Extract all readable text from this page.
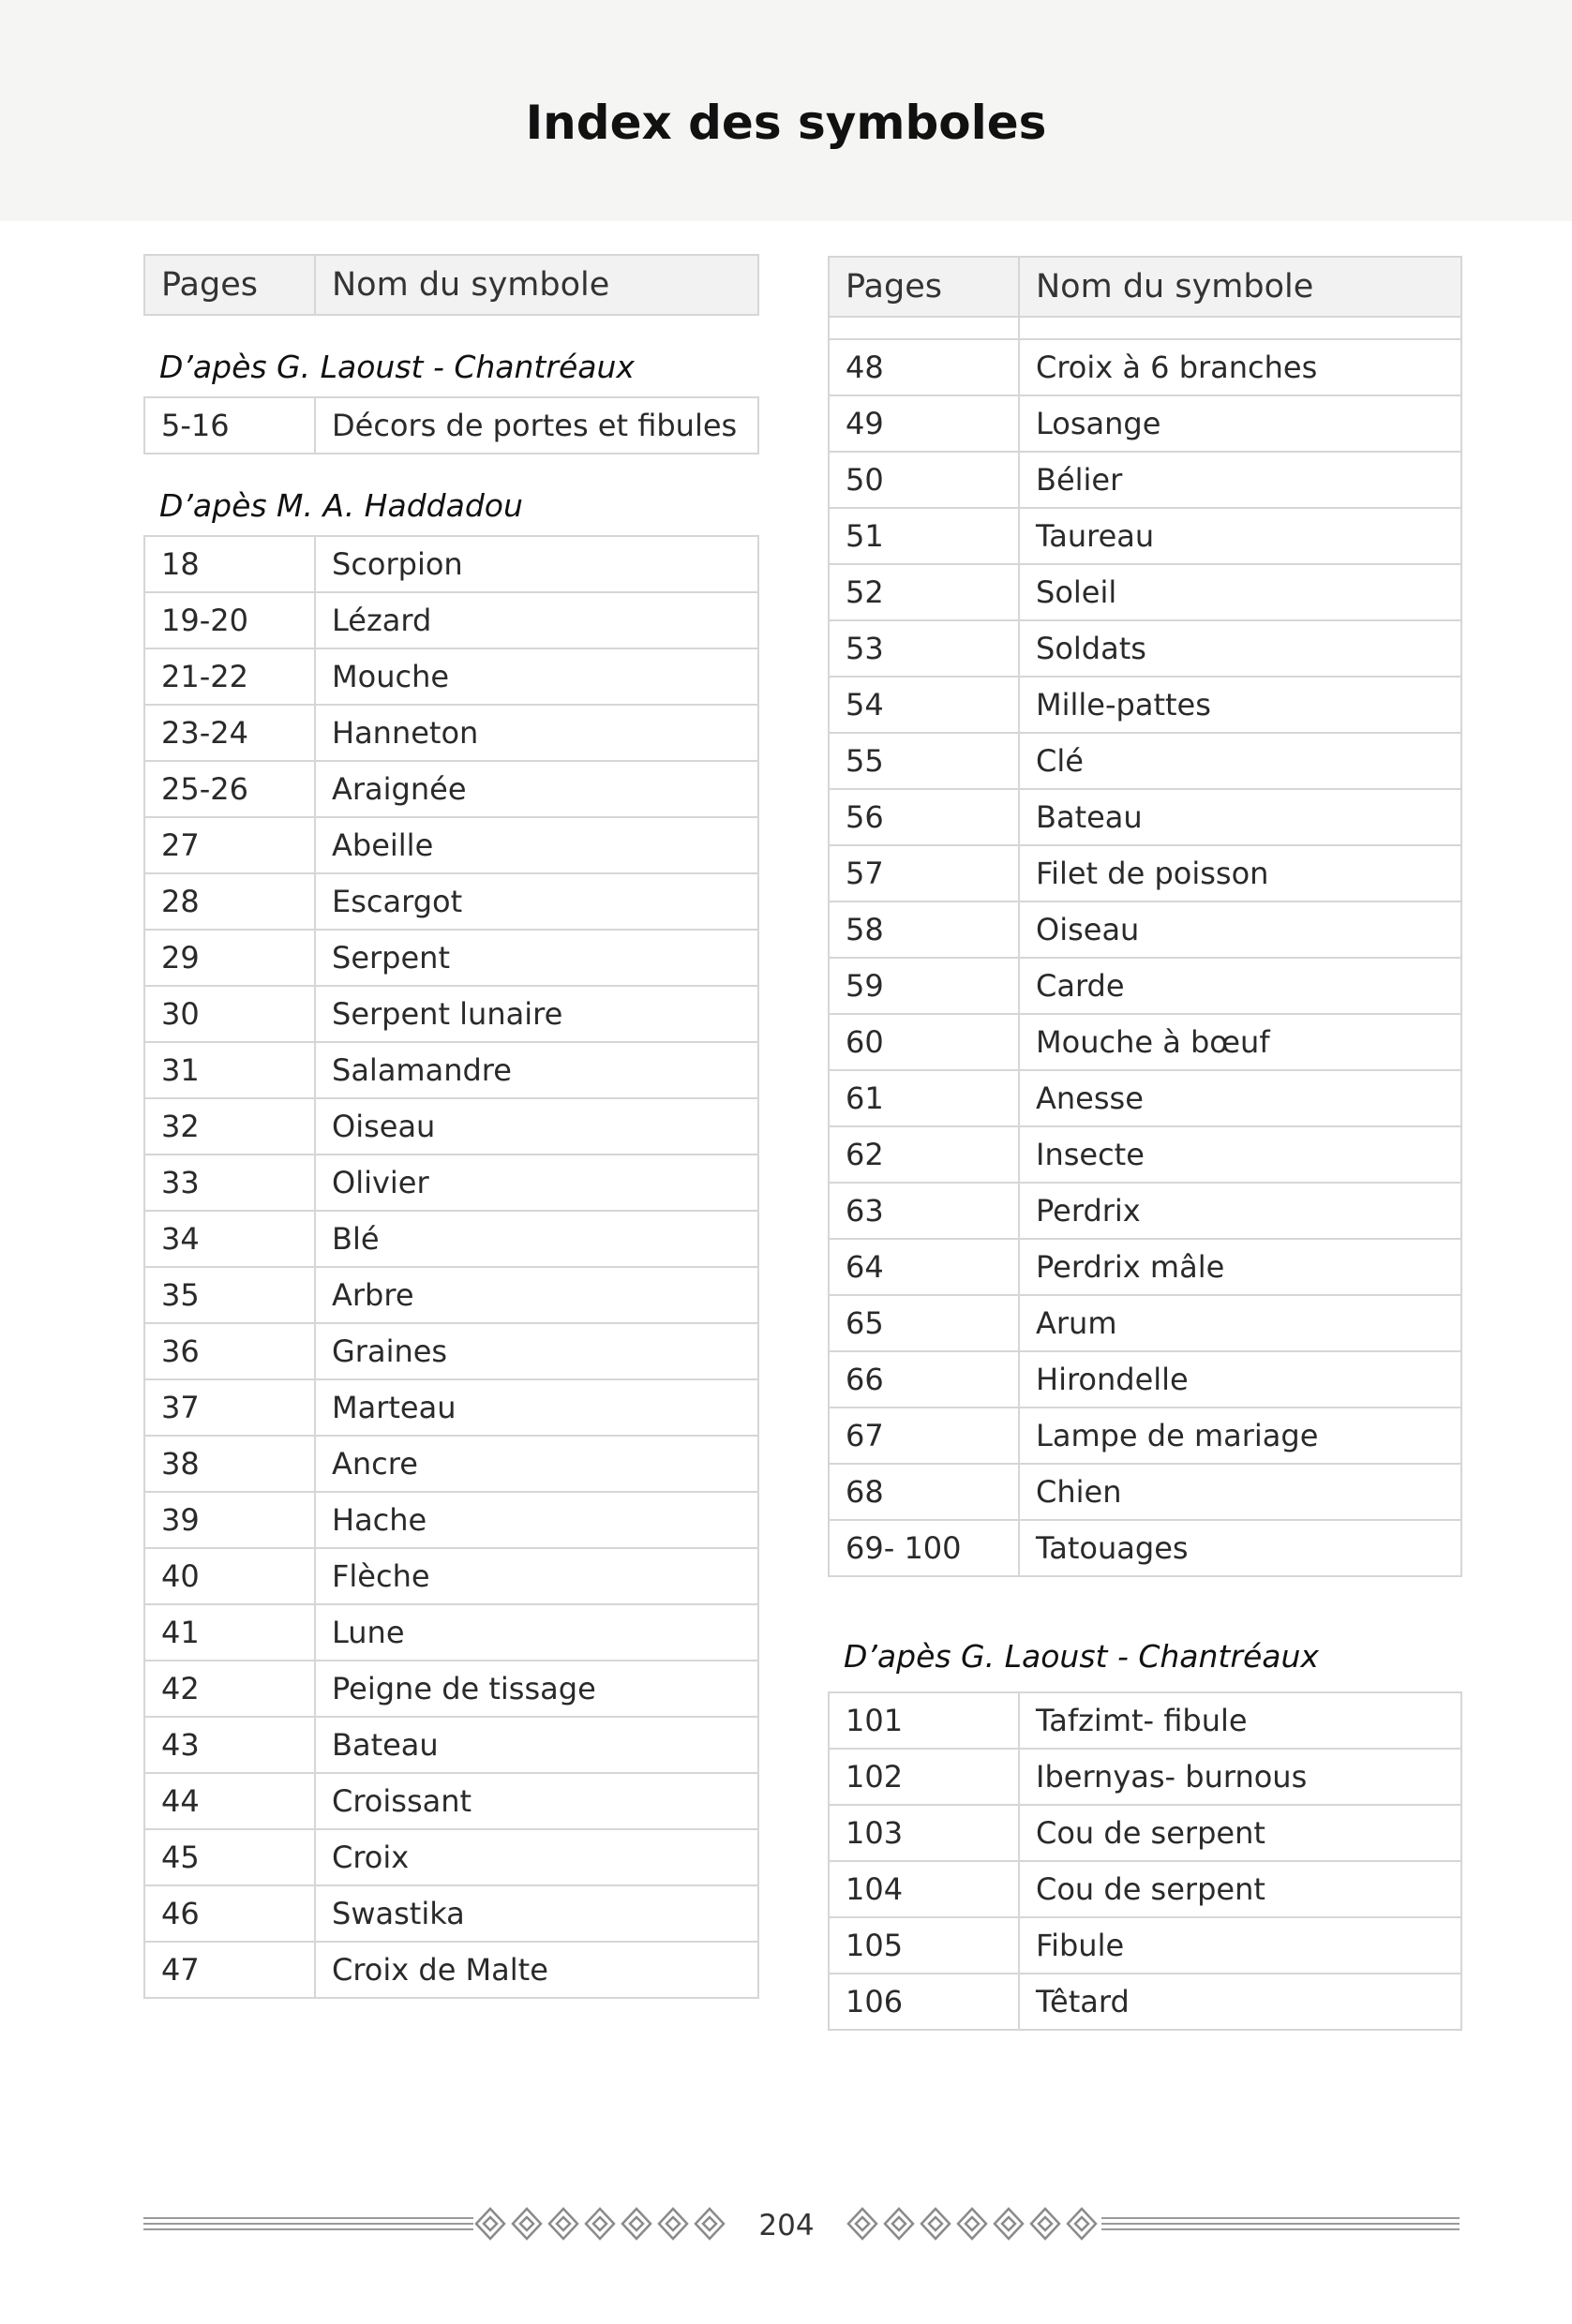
Index des symboles
Pages	Nom du symbole
D’apès G. Laoust - Chantréaux
5-16	Décors de portes et fibules
D’apès M. A. Haddadou
18	Scorpion
19-20	Lézard
21-22	Mouche
23-24	Hanneton
25-26	Araignée
27	Abeille
28	Escargot
29	Serpent
30	Serpent lunaire
31	Salamandre
32	Oiseau
33	Olivier
34	Blé
35	Arbre
36	Graines
37	Marteau
38	Ancre
39	Hache
40	Flèche
41	Lune
42	Peigne de tissage
43	Bateau
44	Croissant
45	Croix
46	Swastika
47	Croix de Malte
Pages	Nom du symbole

48	Croix à 6 branches
49	Losange
50	Bélier
51	Taureau
52	Soleil
53	Soldats
54	Mille-pattes
55	Clé
56	Bateau
57	Filet de poisson
58	Oiseau
59	Carde
60	Mouche à bœuf
61	Anesse
62	Insecte
63	Perdrix
64	Perdrix mâle
65	Arum
66	Hirondelle
67	Lampe de mariage
68	Chien
69- 100	Tatouages
D’apès G. Laoust - Chantréaux
101	Tafzimt- fibule
102	Ibernyas- burnous
103	Cou de serpent
104	Cou de serpent
105	Fibule
106	Têtard
204
